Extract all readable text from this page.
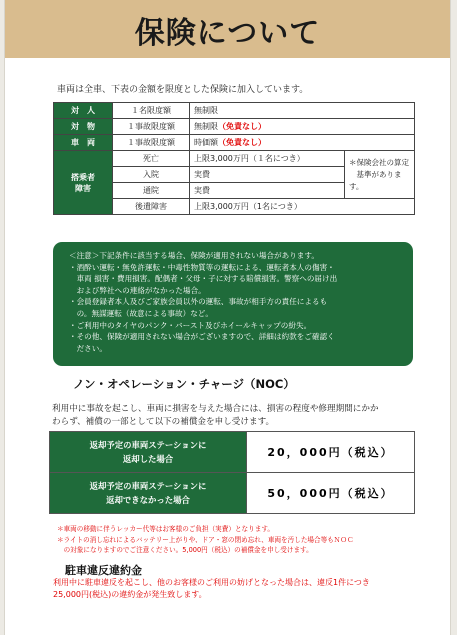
保険について
車両は全車、下表の金額を限度とした保険に加入しています。
対　人	１名限度額	無制限	
対　物	１事故限度額	無制限（免責なし）	
車　両	１事故限度額	時価額（免責なし）	
搭乗者
障害	死亡	上限3,000万円（１名につき）	＊保険会社の算定
　基準があります。
	入院	実費	
	通院	実費	
	後遺障害	上限3,000万円（1名につき）	
＜注意＞下記条件に該当する場合、保険が適用されない場合があります。
・酒酔い運転・無免許運転・中毒性物質等の運転による、運転者本人の傷害・
　車両 損害・費用損害。配偶者・父母・子に対する賠償損害。警察への届け出
　および弊社への連絡がなかった場合。
・会員登録者本人及びご家族会員以外の運転、事故が相手方の責任によるも
　の。無謀運転（故意による事故）など。
・ご利用中のタイヤのパンク・バースト及びホイールキャップの紛失。
・その他、保険が適用されない場合がございますので、詳細は約款をご確認く
　ださい。
ノン・オペレーション・チャージ（NOC）
利用中に事故を起こし、車両に損害を与えた場合には、損害の程度や修理期間にかか
わらず、補償の一部として以下の補償金を申し受けます。
返却予定の車両ステーションに
返却した場合	20，000円（税込）
返却予定の車両ステーションに
返却できなかった場合	50，000円（税込）
＊車両の移動に伴うレッカー代等はお客様のご負担（実費）となります。
＊ライトの消し忘れによるバッテリー上がりや、ドア・窓の閉め忘れ、車両を汚した場合等もＮＯＣ
　の対象になりますのでご注意ください。5,000円（税込）の補償金を申し受けます。
駐車違反違約金
利用中に駐車違反を起こし、他のお客様のご利用の妨げとなった場合は、違反1件につき
25,000円(税込)の違約金が発生致します。
